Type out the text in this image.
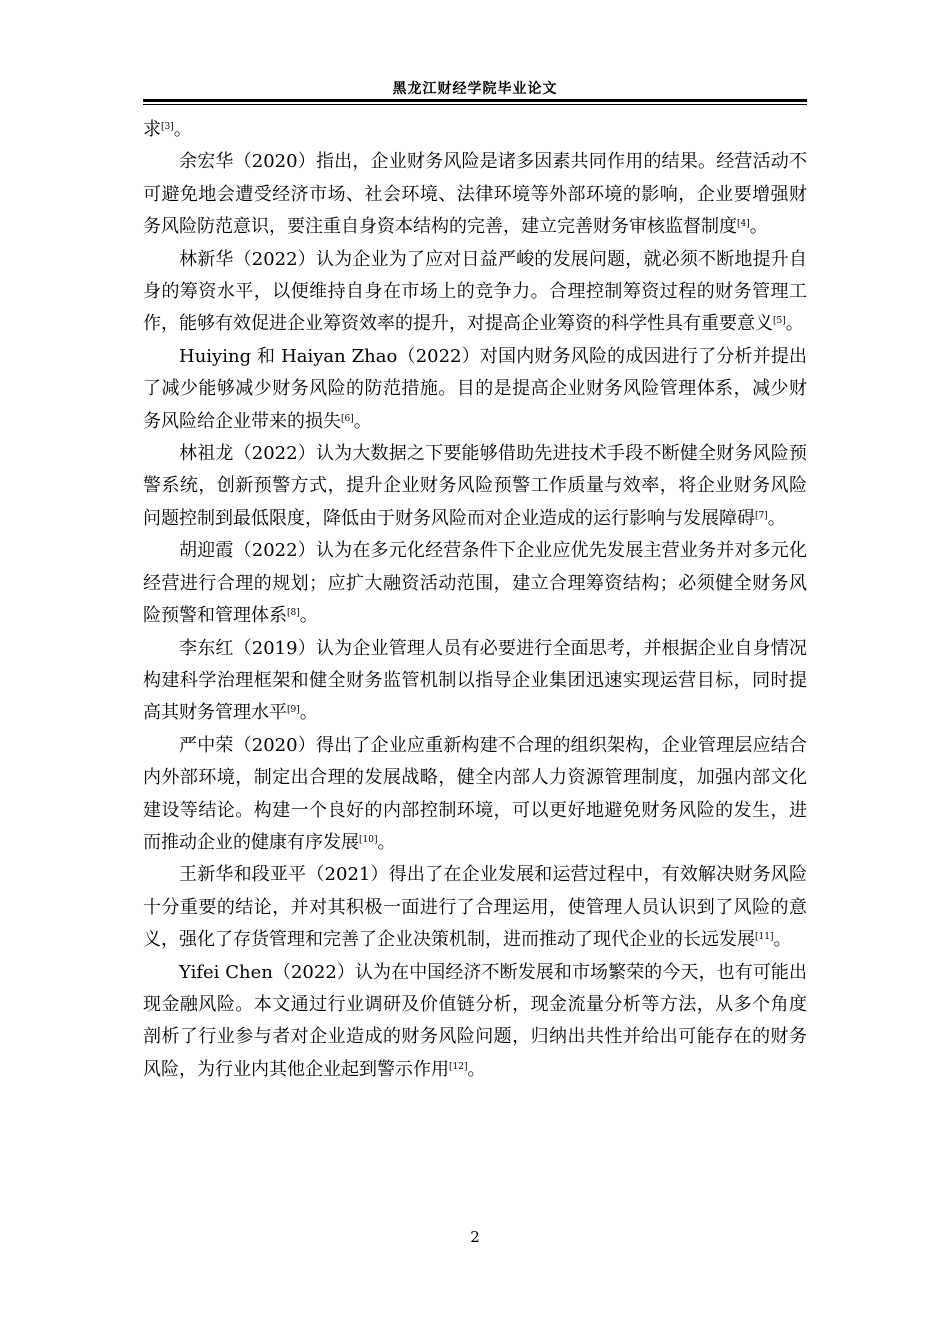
黑龙江财经学院毕业论文

求[3]。

余宏华（2020）指出，企业财务风险是诸多因素共同作用的结果。经营活动不可避免地会遭受经济市场、社会环境、法律环境等外部环境的影响，企业要增强财务风险防范意识，要注重自身资本结构的完善，建立完善财务审核监督制度[4]。

林新华（2022）认为企业为了应对日益严峻的发展问题，就必须不断地提升自身的筹资水平，以便维持自身在市场上的竞争力。合理控制筹资过程的财务管理工作，能够有效促进企业筹资效率的提升，对提高企业筹资的科学性具有重要意义[5]。

Huiying 和 Haiyan Zhao（2022）对国内财务风险的成因进行了分析并提出了减少能够减少财务风险的防范措施。目的是提高企业财务风险管理体系，减少财务风险给企业带来的损失[6]。

林祖龙（2022）认为大数据之下要能够借助先进技术手段不断健全财务风险预警系统，创新预警方式，提升企业财务风险预警工作质量与效率，将企业财务风险问题控制到最低限度，降低由于财务风险而对企业造成的运行影响与发展障碍[7]。

胡迎霞（2022）认为在多元化经营条件下企业应优先发展主营业务并对多元化经营进行合理的规划；应扩大融资活动范围，建立合理筹资结构；必须健全财务风险预警和管理体系[8]。

李东红（2019）认为企业管理人员有必要进行全面思考，并根据企业自身情况构建科学治理框架和健全财务监管机制以指导企业集团迅速实现运营目标，同时提高其财务管理水平[9]。

严中荣（2020）得出了企业应重新构建不合理的组织架构，企业管理层应结合内外部环境，制定出合理的发展战略，健全内部人力资源管理制度，加强内部文化建设等结论。构建一个良好的内部控制环境，可以更好地避免财务风险的发生，进而推动企业的健康有序发展[10]。

王新华和段亚平（2021）得出了在企业发展和运营过程中，有效解决财务风险十分重要的结论，并对其积极一面进行了合理运用，使管理人员认识到了风险的意义，强化了存货管理和完善了企业决策机制，进而推动了现代企业的长远发展[11]。

Yifei Chen（2022）认为在中国经济不断发展和市场繁荣的今天，也有可能出现金融风险。本文通过行业调研及价值链分析，现金流量分析等方法，从多个角度剖析了行业参与者对企业造成的财务风险问题，归纳出共性并给出可能存在的财务风险，为行业内其他企业起到警示作用[12]。

2
